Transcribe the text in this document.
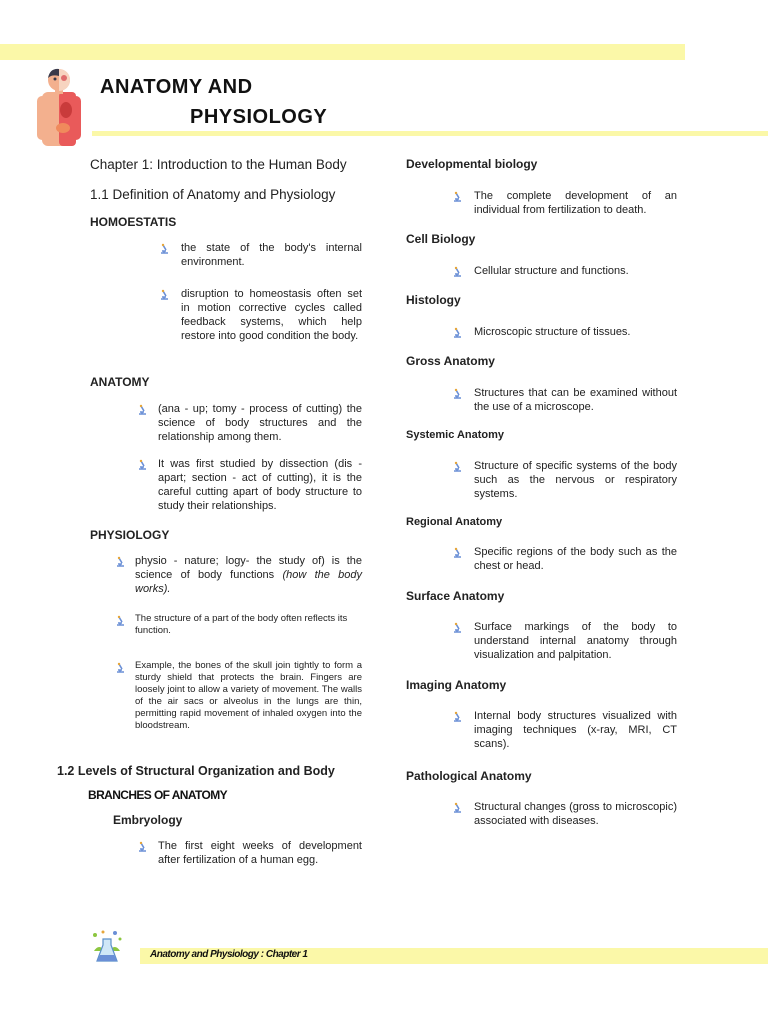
ANATOMY AND
PHYSIOLOGY
Chapter 1: Introduction to the Human Body
1.1 Definition of Anatomy and Physiology
HOMOESTATIS
the state of the body's internal environment.
disruption to homeostasis often set in motion corrective cycles called feedback systems, which help restore into good condition the body.
ANATOMY
(ana - up; tomy - process of cutting) the science of body structures and the relationship among them.
It was first studied by dissection (dis - apart; section - act of cutting), it is the careful cutting apart of body structure to study their relationships.
PHYSIOLOGY
physio - nature; logy- the study of) is the science of body functions (how the body works).
The structure of a part of the body often reflects its function.
Example, the bones of the skull join tightly to form a sturdy shield that protects the brain. Fingers are loosely joint to allow a variety of movement. The walls of the air sacs or alveolus in the lungs are thin, permitting rapid movement of inhaled oxygen into the bloodstream.
1.2 Levels of Structural Organization and Body
BRANCHES OF ANATOMY
Embryology
The first eight weeks of development after fertilization of a human egg.
Developmental biology
The complete development of an individual from fertilization to death.
Cell Biology
Cellular structure and functions.
Histology
Microscopic structure of tissues.
Gross Anatomy
Structures that can be examined without the use of a microscope.
Systemic Anatomy
Structure of specific systems of the body such as the nervous or respiratory systems.
Regional Anatomy
Specific regions of the body such as the chest or head.
Surface Anatomy
Surface markings of the body to understand internal anatomy through visualization and palpitation.
Imaging Anatomy
Internal body structures visualized with imaging techniques (x-ray, MRI, CT scans).
Pathological Anatomy
Structural changes (gross to microscopic) associated with diseases.
Anatomy and Physiology : Chapter 1
